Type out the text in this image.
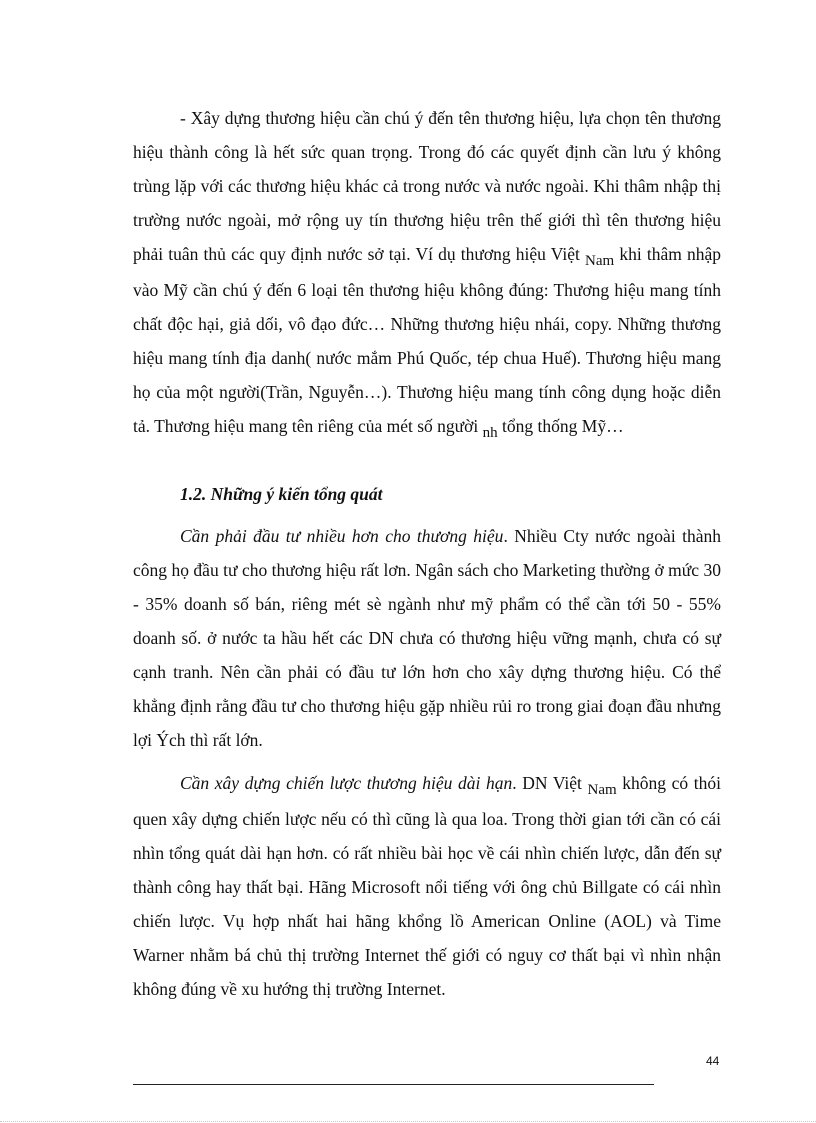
- Xây dựng thương hiệu cần chú ý đến tên thương hiệu, lựa chọn tên thương hiệu thành công là hết sức quan trọng. Trong đó các quyết định cần lưu ý không trùng lặp với các thương hiệu khác cả trong nước và nước ngoài. Khi thâm nhập thị trường nước ngoài, mở rộng uy tín thương hiệu trên thế giới thì tên thương hiệu phải tuân thủ các quy định nước sở tại. Ví dụ thương hiệu Việt Nam khi thâm nhập vào Mỹ cần chú ý đến 6 loại tên thương hiệu không đúng: Thương hiệu mang tính chất độc hại, giả dối, vô đạo đức… Những thương hiệu nhái, copy. Những thương hiệu mang tính địa danh( nước mắm Phú Quốc, tép chua Huế). Thương hiệu mang họ của một người(Trần, Nguyễn…). Thương hiệu mang tính công dụng hoặc diễn tả. Thương hiệu mang tên riêng của mét số người nh tổng thống Mỹ…

1.2. Những ý kiến tổng quát

Cần phải đầu tư nhiều hơn cho thương hiệu. Nhiều Cty nước ngoài thành công họ đầu tư cho thương hiệu rất lơn. Ngân sách cho Marketing thường ở mức 30 - 35% doanh số bán, riêng mét sè ngành như mỹ phẩm có thể cần tới 50 - 55% doanh số. ở nước ta hầu hết các DN chưa có thương hiệu vững mạnh, chưa có sự cạnh tranh. Nên cần phải có đầu tư lớn hơn cho xây dựng thương hiệu. Có thể khẳng định rằng đầu tư cho thương hiệu gặp nhiều rủi ro trong giai đoạn đầu nhưng lợi Ých thì rất lớn.

Cần xây dựng chiến lược thương hiệu dài hạn. DN Việt Nam không có thói quen xây dựng chiến lược nếu có thì cũng là qua loa. Trong thời gian tới cần có cái nhìn tổng quát dài hạn hơn. có rất nhiều bài học về cái nhìn chiến lược, dẫn đến sự thành công hay thất bại. Hãng Microsoft nổi tiếng với ông chủ Billgate có cái nhìn chiến lược. Vụ hợp nhất hai hãng khổng lồ American Online (AOL) và Time Warner nhằm bá chủ thị trường Internet thế giới có nguy cơ thất bại vì nhìn nhận không đúng về xu hướng thị trường Internet.

44
